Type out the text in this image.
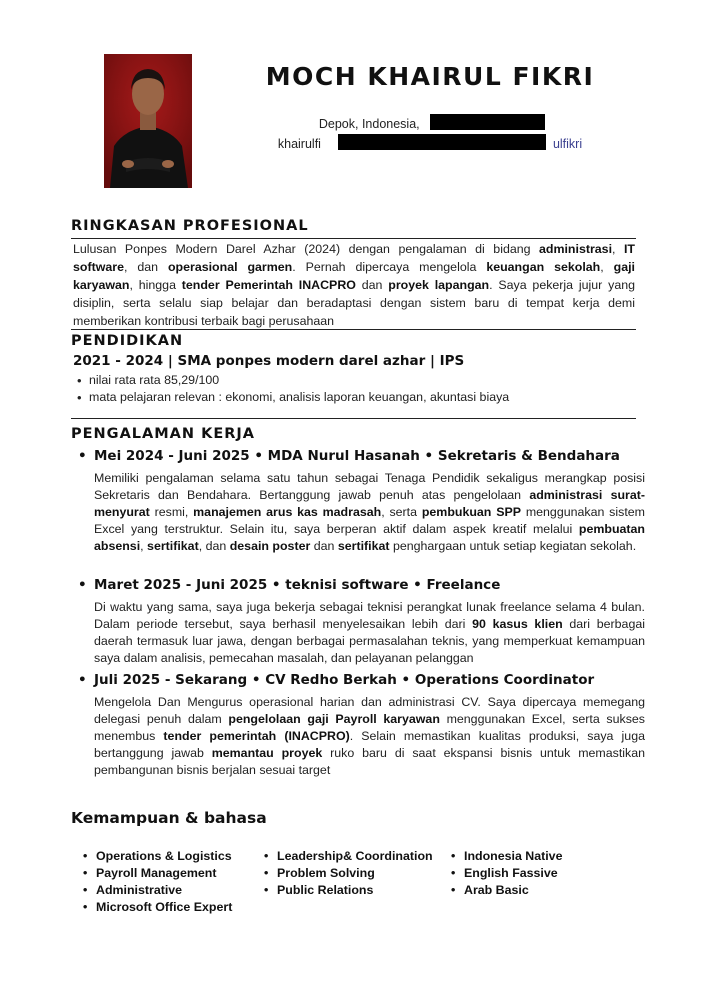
MOCH KHAIRUL FIKRI
Depok, Indonesia,
khairulfi	ulfikri
RINGKASAN PROFESIONAL
Lulusan Ponpes Modern Darel Azhar (2024) dengan pengalaman di bidang administrasi, IT software, dan operasional garmen. Pernah dipercaya mengelola keuangan sekolah, gaji karyawan, hingga tender Pemerintah INACPRO dan proyek lapangan. Saya pekerja jujur yang disiplin, serta selalu siap belajar dan beradaptasi dengan sistem baru di tempat kerja demi memberikan kontribusi terbaik bagi perusahaan
PENDIDIKAN
2021 - 2024 | SMA ponpes modern darel azhar | IPS
• nilai rata rata 85,29/100
• mata pelajaran relevan : ekonomi, analisis laporan keuangan, akuntasi biaya
PENGALAMAN KERJA
• Mei 2024 - Juni 2025 • MDA Nurul Hasanah • Sekretaris & Bendahara
Memiliki pengalaman selama satu tahun sebagai Tenaga Pendidik sekaligus merangkap posisi Sekretaris dan Bendahara. Bertanggung jawab penuh atas pengelolaan administrasi surat-menyurat resmi, manajemen arus kas madrasah, serta pembukuan SPP menggunakan sistem Excel yang terstruktur. Selain itu, saya berperan aktif dalam aspek kreatif melalui pembuatan absensi, sertifikat, dan desain poster dan sertifikat penghargaan untuk setiap kegiatan sekolah.
• Maret 2025 - Juni 2025 • teknisi software • Freelance
Di waktu yang sama, saya juga bekerja sebagai teknisi perangkat lunak freelance selama 4 bulan. Dalam periode tersebut, saya berhasil menyelesaikan lebih dari 90 kasus klien dari berbagai daerah termasuk luar jawa, dengan berbagai permasalahan teknis, yang memperkuat kemampuan saya dalam analisis, pemecahan masalah, dan pelayanan pelanggan
• Juli 2025 - Sekarang • CV Redho Berkah • Operations Coordinator
Mengelola Dan Mengurus operasional harian dan administrasi CV. Saya dipercaya memegang delegasi penuh dalam pengelolaan gaji Payroll karyawan menggunakan Excel, serta sukses menembus tender pemerintah (INACPRO). Selain memastikan kualitas produksi, saya juga bertanggung jawab memantau proyek ruko baru di saat ekspansi bisnis untuk memastikan pembangunan bisnis berjalan sesuai target
Kemampuan & bahasa
• Operations & Logistics
• Payroll Management
• Administrative
• Microsoft Office Expert
• Leadership& Coordination
• Problem Solving
• Public Relations
• Indonesia Native
• English Fassive
• Arab Basic
